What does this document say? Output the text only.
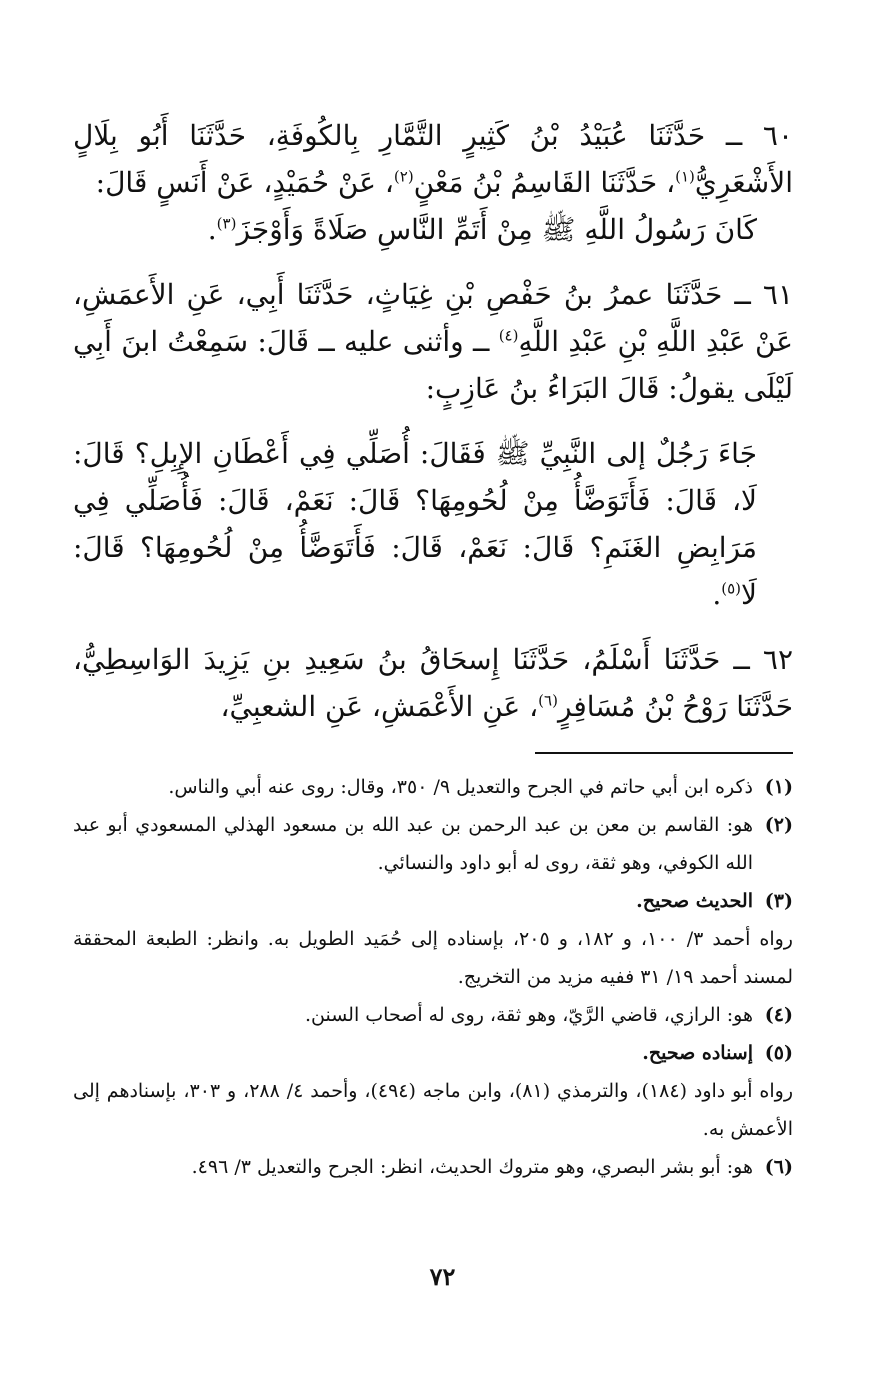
٦٠ ــ حَدَّثَنَا عُبَيْدُ بْنُ كَثِيرٍ التَّمَّارِ بِالكُوفَةِ، حَدَّثَنَا أَبُو بِلَالٍ الأَشْعَرِيُّ$^{(١)}$، حَدَّثَنَا القَاسِمُ بْنُ مَعْنٍ$^{(٢)}$، عَنْ حُمَيْدٍ، عَنْ أَنَسٍ قَالَ:

كَانَ رَسُولُ اللَّهِ ﷺ مِنْ أَتَمِّ النَّاسِ صَلَاةً وَأَوْجَزَ$^{(٣)}$.

٦١ ــ حَدَّثَنَا عمرُ بنُ حَفْصِ بْنِ غِيَاثٍ، حَدَّثَنَا أَبِي، عَنِ الأَعمَشِ، عَنْ عَبْدِ اللَّهِ بْنِ عَبْدِ اللَّهِ$^{(٤)}$ ــ وأثنى عليه ــ قَالَ: سَمِعْتُ ابنَ أَبِي لَيْلَى يقولُ: قَالَ البَرَاءُ بنُ عَازِبٍ:

جَاءَ رَجُلٌ إلى النَّبِيِّ ﷺ فَقَالَ: أُصَلِّي فِي أَعْطَانِ الإِبِلِ؟ قَالَ: لَا، قَالَ: فَأَتَوَضَّأُ مِنْ لُحُومِهَا؟ قَالَ: نَعَمْ، قَالَ: فَأُصَلِّي فِي مَرَابِضِ الغَنَمِ؟ قَالَ: نَعَمْ، قَالَ: فَأَتَوَضَّأُ مِنْ لُحُومِهَا؟ قَالَ: لَا$^{(٥)}$.

٦٢ ــ حَدَّثَنَا أَسْلَمُ، حَدَّثَنَا إِسحَاقُ بنُ سَعِيدِ بنِ يَزِيدَ الوَاسِطِيُّ، حَدَّثَنَا رَوْحُ بْنُ مُسَافِرٍ$^{(٦)}$، عَنِ الأَعْمَشِ، عَنِ الشعبِيِّ،

(١)
ذكره ابن أبي حاتم في الجرح والتعديل ٩/ ٣٥٠، وقال: روى عنه أبي والناس.
(٢)
هو: القاسم بن معن بن عبد الرحمن بن عبد الله بن مسعود الهذلي المسعودي أبو عبد الله الكوفي، وهو ثقة، روى له أبو داود والنسائي.
(٣)
الحديث صحيح.
رواه أحمد ٣/ ١٠٠، و ١٨٢، و ٢٠٥، بإسناده إلى حُمَيد الطويل به. وانظر: الطبعة المحققة لمسند أحمد ١٩/ ٣١ ففيه مزيد من التخريج.
(٤)
هو: الرازي، قاضي الرَّيّ، وهو ثقة، روى له أصحاب السنن.
(٥)
إسناده صحيح.
رواه أبو داود (١٨٤)، والترمذي (٨١)، وابن ماجه (٤٩٤)، وأحمد ٤/ ٢٨٨، و ٣٠٣، بإسنادهم إلى الأعمش به.
(٦)
هو: أبو بشر البصري، وهو متروك الحديث، انظر: الجرح والتعديل ٣/ ٤٩٦.
٧٢
